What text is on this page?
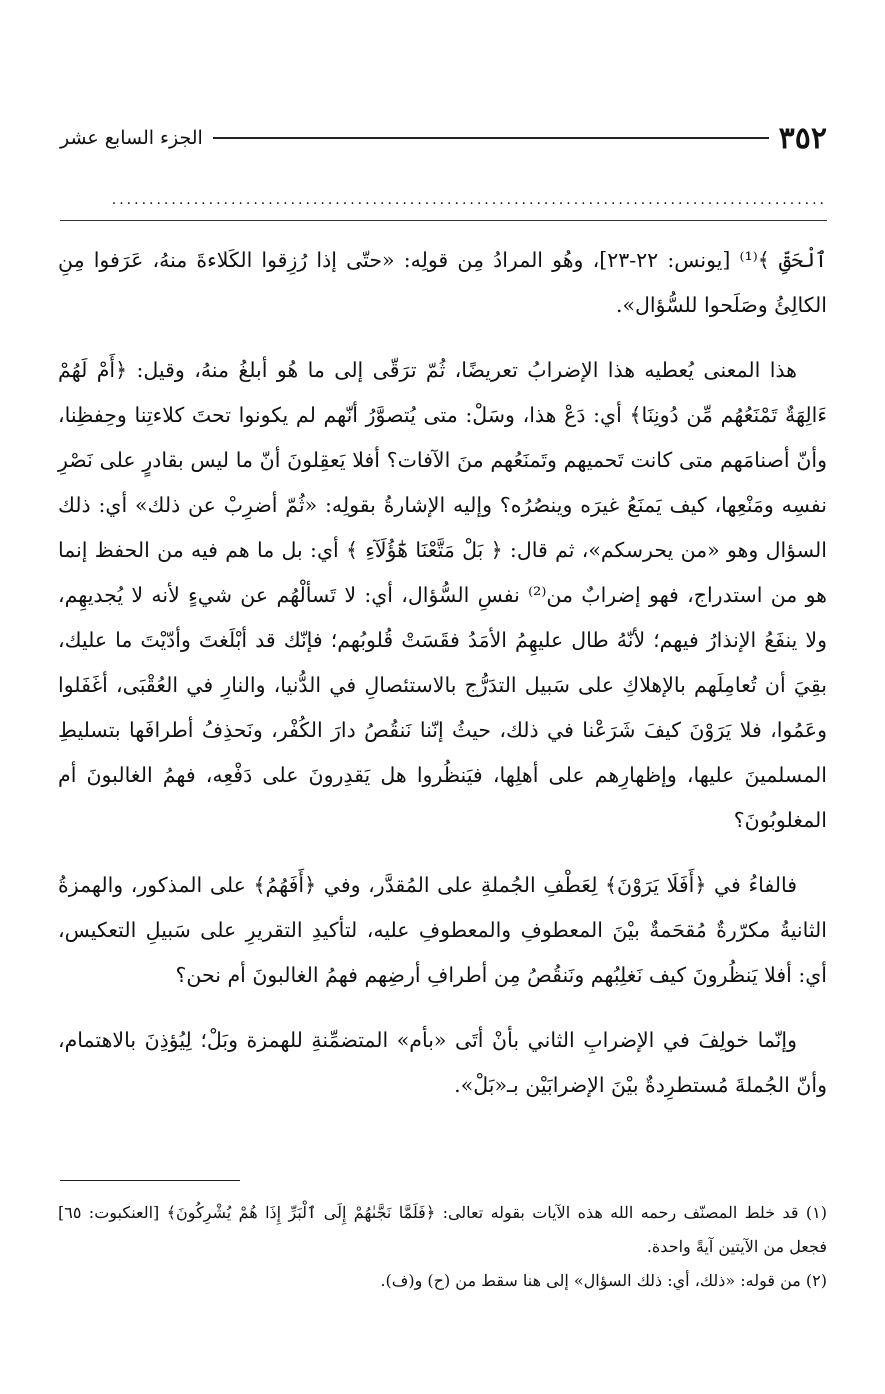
٣٥٢
الجزء السابع عشر
................................................................................................

ٱلْحَقِّ ﴾⁽¹⁾ [يونس: ٢٢-٢٣]، وهُو المرادُ مِن قولِه: «حتّى إذا رُزِقوا الكَلاءةَ منهُ، عَرَفوا مِنِ الكالِئُ وصَلَحوا للسُّؤال».

هذا المعنى يُعطيه هذا الإضرابُ تعريضًا، ثُمّ ترَقّى إلى ما هُو أبلغُ منهُ، وقيل: ﴿أَمْ لَهُمْ ءَالِهَةٌ تَمْنَعُهُم مِّن دُونِنَا﴾ أي: دَعْ هذا، وسَلْ: متى يُتصوَّرُ أنّهم لم يكونوا تحتَ كلاءتِنا وحِفظِنا، وأنّ أصنامَهم متى كانت تَحميهم وتَمنَعُهم منَ الآفات؟ أفلا يَعقِلونَ أنّ ما ليس بقادرٍ على نَصْرِ نفسِه ومَنْعِها، كيف يَمنَعُ غيرَه وينصُرُه؟ وإليه الإشارةُ بقولِه: «ثُمّ أضرِبْ عن ذلك» أي: ذلك السؤال وهو «من يحرسكم»، ثم قال: ﴿ بَلْ مَتَّعْنَا هَٰٓؤُلَآءِ ﴾ أي: بل ما هم فيه من الحفظ إنما هو من استدراج، فهو إضرابٌ من⁽²⁾ نفسِ السُّؤال، أي: لا تَسألْهُم عن شيءٍ لأنه لا يُجديهِم، ولا ينفَعُ الإنذارُ فيهم؛ لأنّهُ طال عليهِمُ الأمَدُ فقَسَتْ قُلوبُهم؛ فإنّك قد أبْلَغتَ وأدّيْتَ ما عليك، بقِيَ أن تُعامِلَهم بالإهلاكِ على سَبيل التدَرُّج بالاستئصالِ في الدُّنيا، والنارِ في العُقْبَى، أغَفَلوا وعَمُوا، فلا يَرَوْنَ كيفَ شَرَعْنا في ذلك، حيثُ إنّنا نَنقُصُ دارَ الكُفْر، ونَحذِفُ أطرافَها بتسليطِ المسلمينَ عليها، وإظهارِهم على أهلِها، فيَنظُروا هل يَقدِرونَ على دَفْعِه، فهمُ الغالبونَ أم المغلوبُونَ؟

فالفاءُ في ﴿أَفَلَا يَرَوْنَ﴾ لِعَطْفِ الجُملةِ على المُقدَّر، وفي ﴿أَفَهُمُ﴾ على المذكور، والهمزةُ الثانيةُ مكرّرةٌ مُقحَمةٌ بيْنَ المعطوفِ والمعطوفِ عليه، لتأكيدِ التقريرِ على سَبيلِ التعكيس، أي: أفلا يَنظُرونَ كيف نَغلِبُهم ونَنقُصُ مِن أطرافِ أرضِهم فهمُ الغالبونَ أم نحن؟

وإنّما خولِفَ في الإضرابِ الثاني بأنْ أتَى «بأم» المتضمِّنةِ للهمزة وبَلْ؛ لِيُؤذِنَ بالاهتمام، وأنّ الجُملةَ مُستطرِدةٌ بيْنَ الإضرابَيْن بـ«بَلْ».

(١) قد خلط المصنّف رحمه الله هذه الآيات بقوله تعالى: ﴿فَلَمَّا نَجَّىٰهُمْ إِلَى ٱلْبَرِّ إِذَا هُمْ يُشْرِكُونَ﴾ [العنكبوت: ٦٥] فجعل من الآيتين آيةً واحدة.

(٢) من قوله: «ذلك، أي: ذلك السؤال» إلى هنا سقط من (ح) و(ف).
